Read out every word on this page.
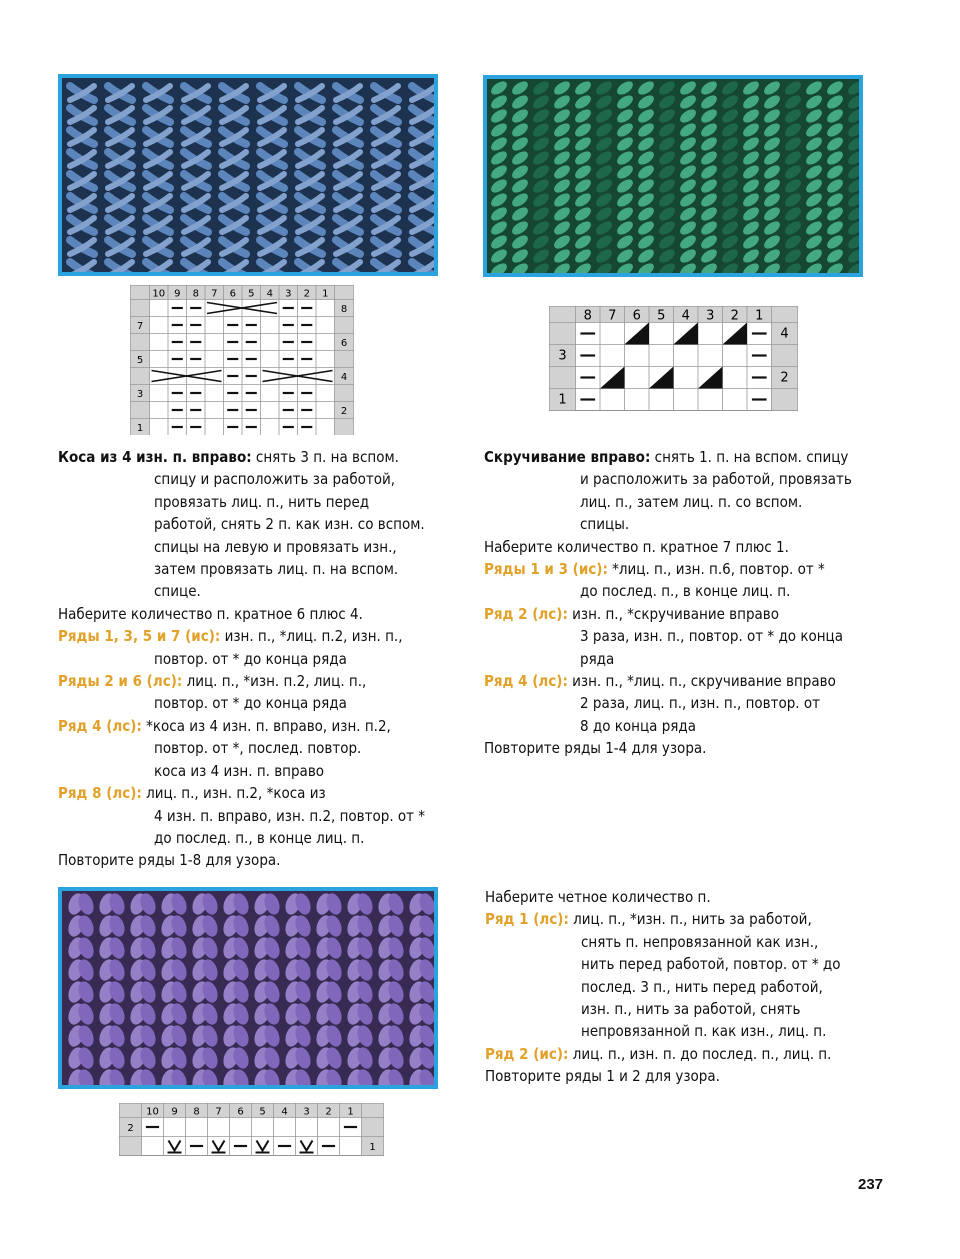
10 9 8 7 6 5 4 3 2 1
7
5
3
1
8
6
4
2
8 7 6 5 4 3 2 1
3
1
4
2
10 9 8 7 6 5 4 3 2 1
2
1
Коса из 4 изн. п. вправо: снять 3 п. на вспом.
спицу и расположить за работой,
провязать лиц. п., нить перед
работой, снять 2 п. как изн. со вспом.
спицы на левую и провязать изн.,
затем провязать лиц. п. на вспом.
спице.
Наберите количество п. кратное 6 плюс 4.
Ряды 1, 3, 5 и 7 (ис): изн. п., *лиц. п.2, изн. п.,
повтор. от * до конца ряда
Ряды 2 и 6 (лс): лиц. п., *изн. п.2, лиц. п.,
повтор. от * до конца ряда
Ряд 4 (лс): *коса из 4 изн. п. вправо, изн. п.2,
повтор. от *, послед. повтор.
коса из 4 изн. п. вправо
Ряд 8 (лс): лиц. п., изн. п.2, *коса из
4 изн. п. вправо, изн. п.2, повтор. от *
до послед. п., в конце лиц. п.
Повторите ряды 1-8 для узора.
Скручивание вправо: снять 1. п. на вспом. спицу
и расположить за работой, провязать
лиц. п., затем лиц. п. со вспом.
спицы.
Наберите количество п. кратное 7 плюс 1.
Ряды 1 и 3 (ис): *лиц. п., изн. п.6, повтор. от *
до послед. п., в конце лиц. п.
Ряд 2 (лс): изн. п., *скручивание вправо
3 раза, изн. п., повтор. от * до конца
ряда
Ряд 4 (лс): изн. п., *лиц. п., скручивание вправо
2 раза, лиц. п., изн. п., повтор. от
8 до конца ряда
Повторите ряды 1-4 для узора.
Наберите четное количество п.
Ряд 1 (лс): лиц. п., *изн. п., нить за работой,
снять п. непровязанной как изн.,
нить перед работой, повтор. от * до
послед. 3 п., нить перед работой,
изн. п., нить за работой, снять
непровязанной п. как изн., лиц. п.
Ряд 2 (ис): лиц. п., изн. п. до послед. п., лиц. п.
Повторите ряды 1 и 2 для узора.
237
